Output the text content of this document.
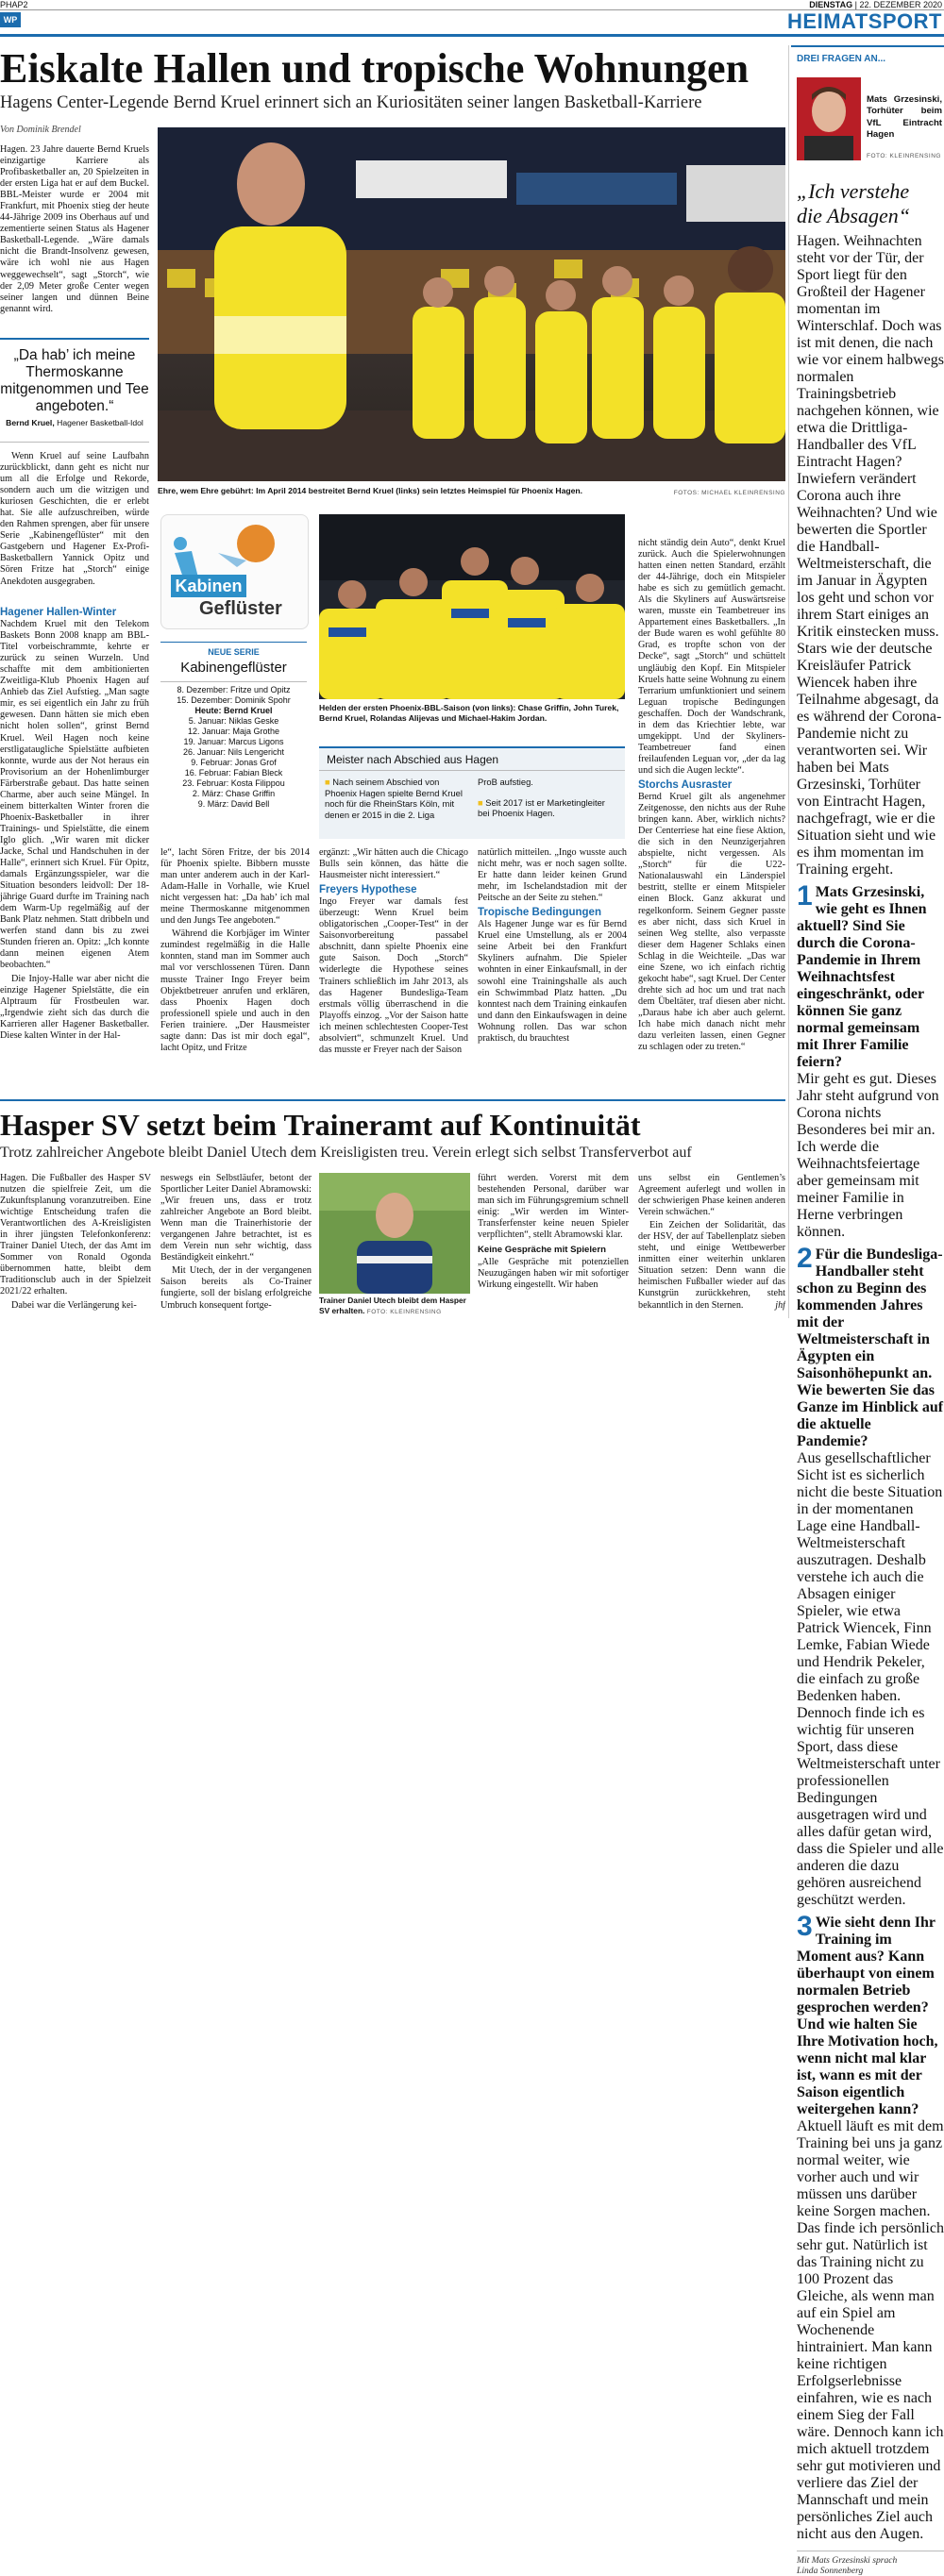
PHAP2	DIENSTAG | 22. DEZEMBER 2020
WP	HEIMATSPORT
Eiskalte Hallen und tropische Wohnungen
Hagens Center-Legende Bernd Kruel erinnert sich an Kuriositäten seiner langen Basketball-Karriere
Von Dominik Brendel

Hagen. 23 Jahre dauerte Bernd Kruels einzigartige Karriere als Profibasketballer an, 20 Spielzeiten in der ersten Liga hat er auf dem Buckel. BBL-Meister wurde er 2004 mit Frankfurt, mit Phoenix stieg der heute 44-Jährige 2009 ins Oberhaus auf und zementierte seinen Status als Hagener Basketball-Legende. „Wäre damals nicht die Brandt-Insolvenz gewesen, wäre ich wohl nie aus Hagen weggewechselt“, sagt „Storch“, wie der 2,09 Meter große Center wegen seiner langen und dünnen Beine genannt wird.

„Da hab’ ich meine Thermoskanne mitgenommen und Tee angeboten.“
Bernd Kruel, Hagener Basketball-Idol

Wenn Kruel auf seine Laufbahn zurückblickt, dann geht es nicht nur um all die Erfolge und Rekorde, sondern auch um die witzigen und kuriosen Geschichten, die er erlebt hat. Sie alle aufzuschreiben, würde den Rahmen sprengen, aber für unsere Serie „Kabinengeflüster“ mit den Gastgebern und Hagener Ex-Profi-Basketballern Yannick Opitz und Sören Fritze hat „Storch“ einige Anekdoten ausgegraben.

Hagener Hallen-Winter

Nachdem Kruel mit den Telekom Baskets Bonn 2008 knapp am BBL-Titel vorbeischrammte, kehrte er zurück zu seinen Wurzeln. Und schaffte mit dem ambitionierten Zweitliga-Klub Phoenix Hagen auf Anhieb das Ziel Aufstieg. „Man sagte mir, es sei eigentlich ein Jahr zu früh gewesen. Dann hätten sie mich eben nicht holen sollen“, grinst Bernd Kruel. Weil Hagen noch keine erstligataugliche Spielstätte aufbieten konnte, wurde aus der Not heraus ein Provisorium an der Hohenlimburger Färberstraße gebaut. Das hatte seinen Charme, aber auch seine Mängel. In einem bitterkalten Winter froren die Phoenix-Basketballer in ihrer Trainings- und Spielstätte, die einem Iglo glich. „Wir waren mit dicker Jacke, Schal und Handschuhen in der Halle“, erinnert sich Kruel. Für Opitz, damals Ergänzungsspieler, war die Situation besonders leidvoll: Der 18-jährige Guard durfte im Training nach dem Warm-Up regelmäßig auf der Bank Platz nehmen. Statt dribbeln und werfen stand dann bis zu zwei Stunden frieren an. Opitz: „Ich konnte dann meinen eigenen Atem beobachten.“

Die Injoy-Halle war aber nicht die einzige Hagener Spielstätte, die ein Alptraum für Frostbeulen war. „Irgendwie zieht sich das durch die Karrieren aller Hagener Basketballer. Diese kalten Winter in der Hal-

Ehre, wem Ehre gebührt: Im April 2014 bestreitet Bernd Kruel (links) sein letztes Heimspiel für Phoenix Hagen.	FOTOS: MICHAEL KLEINRENSING
Kabinen
Geflüster
NEUE SERIE
Kabinengeflüster
8. Dezember: Fritze und Opitz
15. Dezember: Dominik Spohr
Heute: Bernd Kruel
5. Januar: Niklas Geske
12. Januar: Maja Grothe
19. Januar: Marcus Ligons
26. Januar: Nils Lengericht
9. Februar: Jonas Grof
16. Februar: Fabian Bleck
23. Februar: Kosta Filippou
2. März: Chase Griffin
9. März: David Bell
Helden der ersten Phoenix-BBL-Saison (von links): Chase Griffin, John Turek, Bernd Kruel, Rolandas Alijevas und Michael-Hakim Jordan.
Meister nach Abschied aus Hagen
■ Nach seinem Abschied von Phoenix Hagen spielte Bernd Kruel noch für die RheinStars Köln, mit denen er 2015 in die 2. Liga
ProB aufstieg.
■ Seit 2017 ist er Marketingleiter bei Phoenix Hagen.

le“, lacht Sören Fritze, der bis 2014 für Phoenix spielte. Bibbern musste man unter anderem auch in der Karl-Adam-Halle in Vorhalle, wie Kruel nicht vergessen hat: „Da hab’ ich mal meine Thermoskanne mitgenommen und den Jungs Tee angeboten.“

Während die Korbjäger im Winter zumindest regelmäßig in die Halle konnten, stand man im Sommer auch mal vor verschlossenen Türen. Dann musste Trainer Ingo Freyer beim Objektbetreuer anrufen und erklären, dass Phoenix Hagen doch professionell spiele und auch in den Ferien trainiere. „Der Hausmeister sagte dann: Das ist mir doch egal“, lacht Opitz, und Fritze

ergänzt: „Wir hätten auch die Chicago Bulls sein können, das hätte die Hausmeister nicht interessiert.“

Freyers Hypothese

Ingo Freyer war damals fest überzeugt: Wenn Kruel beim obligatorischen „Cooper-Test“ in der Saisonvorbereitung passabel abschnitt, dann spielte Phoenix eine gute Saison. Doch „Storch“ widerlegte die Hypothese seines Trainers schließlich im Jahr 2013, als das Hagener Bundesliga-Team erstmals völlig überraschend in die Playoffs einzog. „Vor der Saison hatte ich meinen schlechtesten Cooper-Test absolviert“, schmunzelt Kruel. Und das musste er Freyer nach der Saison

natürlich mitteilen. „Ingo wusste auch nicht mehr, was er noch sagen sollte. Er hatte dann leider keinen Grund mehr, im Ischelandstadion mit der Peitsche an der Seite zu stehen.“

Tropische Bedingungen

Als Hagener Junge war es für Bernd Kruel eine Umstellung, als er 2004 seine Arbeit bei den Frankfurt Skyliners aufnahm. Die Spieler wohnten in einer Einkaufsmall, in der sowohl eine Trainingshalle als auch ein Schwimmbad Platz hatten. „Du konntest nach dem Training einkaufen und dann den Einkaufswagen in deine Wohnung rollen. Das war schon praktisch, du brauchtest

nicht ständig dein Auto“, denkt Kruel zurück. Auch die Spielerwohnungen hatten einen netten Standard, erzählt der 44-Jährige, doch ein Mitspieler habe es sich zu gemütlich gemacht. Als die Skyliners auf Auswärtsreise waren, musste ein Teambetreuer ins Appartement eines Basketballers. „In der Bude waren es wohl gefühlte 80 Grad, es tropfte schon von der Decke“, sagt „Storch“ und schüttelt ungläubig den Kopf. Ein Mitspieler Kruels hatte seine Wohnung zu einem Terrarium umfunktioniert und seinem Leguan tropische Bedingungen geschaffen. Doch der Wandschrank, in dem das Kriechtier lebte, war umgekippt. Und der Skyliners-Teambetreuer fand einen freilaufenden Leguan vor, „der da lag und sich die Augen leckte“.

Storchs Ausraster

Bernd Kruel gilt als angenehmer Zeitgenosse, den nichts aus der Ruhe bringen kann. Aber, wirklich nichts? Der Centerriese hat eine fiese Aktion, die sich in den Neunzigerjahren abspielte, nicht vergessen. Als „Storch“ für die U22-Nationalauswahl ein Länderspiel bestritt, stellte er einem Mitspieler einen Block. Ganz akkurat und regelkonform. Seinem Gegner passte es aber nicht, dass sich Kruel in seinen Weg stellte, also verpasste dieser dem Hagener Schlaks einen Schlag in die Weichteile. „Das war eine Szene, wo ich einfach richtig gekocht habe“, sagt Kruel. Der Center drehte sich ad hoc um und trat nach dem Übeltäter, traf diesen aber nicht. „Daraus habe ich aber auch gelernt. Ich habe mich danach nicht mehr dazu verleiten lassen, einen Gegner zu schlagen oder zu treten.“

DREI FRAGEN AN...
Mats Grzesinski, Torhüter beim VfL Eintracht Hagen
FOTO: KLEINRENSING
„Ich verstehe die Absagen“
Hagen. Weihnachten steht vor der Tür, der Sport liegt für den Großteil der Hagener momentan im Winterschlaf. Doch was ist mit denen, die nach wie vor einem halbwegs normalen Trainingsbetrieb nachgehen können, wie etwa die Drittliga-Handballer des VfL Eintracht Hagen? Inwiefern verändert Corona auch ihre Weihnachten? Und wie bewerten die Sportler die Handball-Weltmeisterschaft, die im Januar in Ägypten los geht und schon vor ihrem Start einiges an Kritik einstecken muss. Stars wie der deutsche Kreisläufer Patrick Wiencek haben ihre Teilnahme abgesagt, da es während der Corona-Pandemie nicht zu verantworten sei. Wir haben bei Mats Grzesinski, Torhüter von Eintracht Hagen, nachgefragt, wie er die Situation sieht und wie es ihm momentan im Training ergeht.
1 Mats Grzesinski, wie geht es Ihnen aktuell? Sind Sie durch die Corona-Pandemie in Ihrem Weihnachtsfest eingeschränkt, oder können Sie ganz normal gemeinsam mit Ihrer Familie feiern?
Mir geht es gut. Dieses Jahr steht aufgrund von Corona nichts Besonderes bei mir an. Ich werde die Weihnachtsfeiertage aber gemeinsam mit meiner Familie in Herne verbringen können.
2 Für die Bundesliga-Handballer steht schon zu Beginn des kommenden Jahres mit der Weltmeisterschaft in Ägypten ein Saisonhöhepunkt an. Wie bewerten Sie das Ganze im Hinblick auf die aktuelle Pandemie?
Aus gesellschaftlicher Sicht ist es sicherlich nicht die beste Situation in der momentanen Lage eine Handball-Weltmeisterschaft auszutragen. Deshalb verstehe ich auch die Absagen einiger Spieler, wie etwa Patrick Wiencek, Finn Lemke, Fabian Wiede und Hendrik Pekeler, die einfach zu große Bedenken haben. Dennoch finde ich es wichtig für unseren Sport, dass diese Weltmeisterschaft unter professionellen Bedingungen ausgetragen wird und alles dafür getan wird, dass die Spieler und alle anderen die dazu gehören ausreichend geschützt werden.
3 Wie sieht denn Ihr Training im Moment aus? Kann überhaupt von einem normalen Betrieb gesprochen werden? Und wie halten Sie Ihre Motivation hoch, wenn nicht mal klar ist, wann es mit der Saison eigentlich weitergehen kann?
Aktuell läuft es mit dem Training bei uns ja ganz normal weiter, wie vorher auch und wir müssen uns darüber keine Sorgen machen. Das finde ich persönlich sehr gut. Natürlich ist das Training nicht zu 100 Prozent das Gleiche, als wenn man auf ein Spiel am Wochenende hintrainiert. Man kann keine richtigen Erfolgserlebnisse einfahren, wie es nach einem Sieg der Fall wäre. Dennoch kann ich mich aktuell trotzdem sehr gut motivieren und verliere das Ziel der Mannschaft und mein persönliches Ziel auch nicht aus den Augen.
Mit Mats Grzesinski sprach
Linda Sonnenberg
Hasper SV setzt beim Traineramt auf Kontinuität
Trotz zahlreicher Angebote bleibt Daniel Utech dem Kreisligisten treu. Verein erlegt sich selbst Transferverbot auf

Hagen. Die Fußballer des Hasper SV nutzen die spielfreie Zeit, um die Zukunftsplanung voranzutreiben. Eine wichtige Entscheidung trafen die Verantwortlichen des A-Kreisligisten in ihrer jüngsten Telefonkonferenz: Trainer Daniel Utech, der das Amt im Sommer von Ronald Ogonda übernommen hatte, bleibt dem Traditionsclub auch in der Spielzeit 2021/22 erhalten.

Dabei war die Verlängerung kei-

neswegs ein Selbstläufer, betont der Sportlicher Leiter Daniel Abramowski: „Wir freuen uns, dass er trotz zahlreicher Angebote an Bord bleibt. Wenn man die Trainerhistorie der vergangenen Jahre betrachtet, ist es dem Verein nun sehr wichtig, dass Beständigkeit einkehrt.“

Mit Utech, der in der vergangenen Saison bereits als Co-Trainer fungierte, soll der bislang erfolgreiche Umbruch konsequent fortge-	Trainer Daniel Utech bleibt dem Hasper SV erhalten. FOTO: KLEINRENSING

führt werden. Vorerst mit dem bestehenden Personal, darüber war man sich im Führungsgremium schnell einig: „Wir werden im Winter-Transferfenster keine neuen Spieler verpflichten“, stellt Abramowski klar.

Keine Gespräche mit Spielern

„Alle Gespräche mit potenziellen Neuzugängen haben wir mit sofortiger Wirkung eingestellt. Wir haben

uns selbst ein Gentlemen’s Agreement auferlegt und wollen in der schwierigen Phase keinen anderen Verein schwächen.“

Ein Zeichen der Solidarität, das der HSV, der auf Tabellenplatz sieben steht, und einige Wettbewerber inmitten einer weiterhin unklaren Situation setzen: Denn wann die heimischen Fußballer wieder auf das Kunstgrün zurückkehren, steht bekanntlich in den Sternen.	jhf
